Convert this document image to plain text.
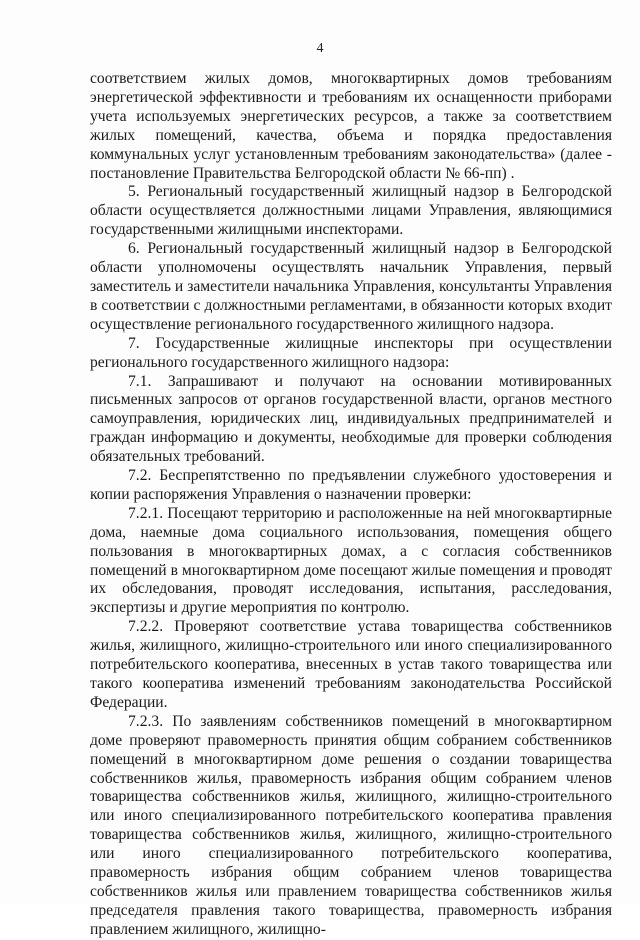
4

соответствием жилых домов, многоквартирных домов требованиям энергетической эффективности и требованиям их оснащенности приборами учета используемых энергетических ресурсов, а также за соответствием жилых помещений, качества, объема и порядка предоставления коммунальных услуг установленным требованиям законодательства» (далее - постановление Правительства Белгородской области № 66-пп) .

5. Региональный государственный жилищный надзор в Белгородской области осуществляется должностными лицами Управления, являющимися государственными жилищными инспекторами.

6. Региональный государственный жилищный надзор в Белгородской области уполномочены осуществлять начальник Управления, первый заместитель и заместители начальника Управления, консультанты Управления в соответствии с должностными регламентами, в обязанности которых входит осуществление регионального государственного жилищного надзора.

7. Государственные жилищные инспекторы при осуществлении регионального государственного жилищного надзора:

7.1. Запрашивают и получают на основании мотивированных письменных запросов от органов государственной власти, органов местного самоуправления, юридических лиц, индивидуальных предпринимателей и граждан информацию и документы, необходимые для проверки соблюдения обязательных требований.

7.2. Беспрепятственно по предъявлении служебного удостоверения и копии распоряжения Управления о назначении проверки:

7.2.1. Посещают территорию и расположенные на ней многоквартирные дома, наемные дома социального использования, помещения общего пользования в многоквартирных домах, а с согласия собственников помещений в многоквартирном доме посещают жилые помещения и проводят их обследования, проводят исследования, испытания, расследования, экспертизы и другие мероприятия по контролю.

7.2.2. Проверяют соответствие устава товарищества собственников жилья, жилищного, жилищно-строительного или иного специализированного потребительского кооператива, внесенных в устав такого товарищества или такого кооператива изменений требованиям законодательства Российской Федерации.

7.2.3. По заявлениям собственников помещений в многоквартирном доме проверяют правомерность принятия общим собранием собственников помещений в многоквартирном доме решения о создании товарищества собственников жилья, правомерность избрания общим собранием членов товарищества собственников жилья, жилищного, жилищно-строительного или иного специализированного потребительского кооператива правления товарищества собственников жилья, жилищного, жилищно-строительного или иного специализированного потребительского кооператива, правомерность избрания общим собранием членов товарищества собственников жилья или правлением товарищества собственников жилья председателя правления такого товарищества, правомерность избрания правлением жилищного, жилищно-
